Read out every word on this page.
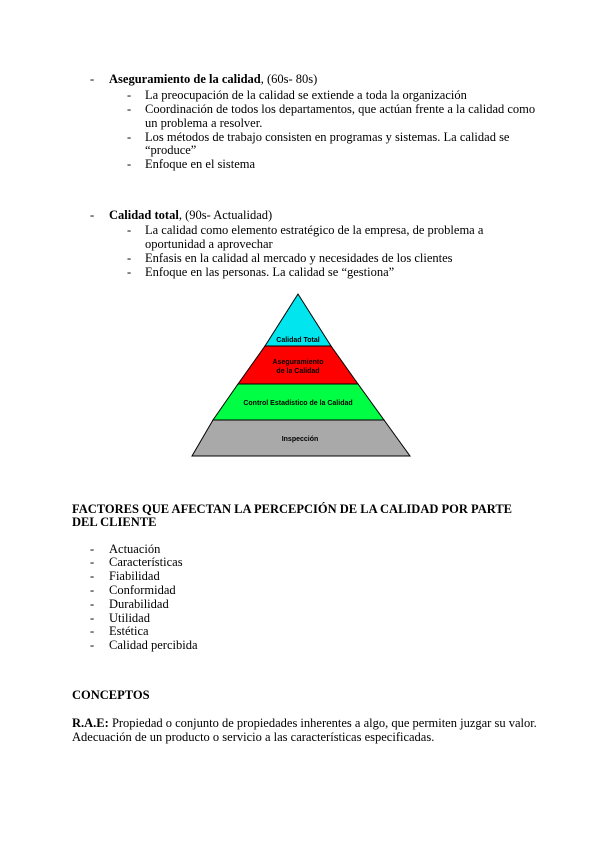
- Aseguramiento de la calidad, (60s- 80s)
- La preocupación de la calidad se extiende a toda la organización
- Coordinación de todos los departamentos, que actúan frente a la calidad como
un problema a resolver.
- Los métodos de trabajo consisten en programas y sistemas. La calidad se
“produce”
- Enfoque en el sistema
- Calidad total, (90s- Actualidad)
- La calidad como elemento estratégico de la empresa, de problema a
oportunidad a aprovechar
- Enfasis en la calidad al mercado y necesidades de los clientes
- Enfoque en las personas. La calidad se “gestiona”
Calidad Total
Aseguramiento
de la Calidad
Control Estadístico de la Calidad
Inspección
FACTORES QUE AFECTAN LA PERCEPCIÓN DE LA CALIDAD POR PARTE
DEL CLIENTE
- Actuación
- Características
- Fiabilidad
- Conformidad
- Durabilidad
- Utilidad
- Estética
- Calidad percibida
CONCEPTOS
R.A.E: Propiedad o conjunto de propiedades inherentes a algo, que permiten juzgar su valor.
Adecuación de un producto o servicio a las características especificadas.
